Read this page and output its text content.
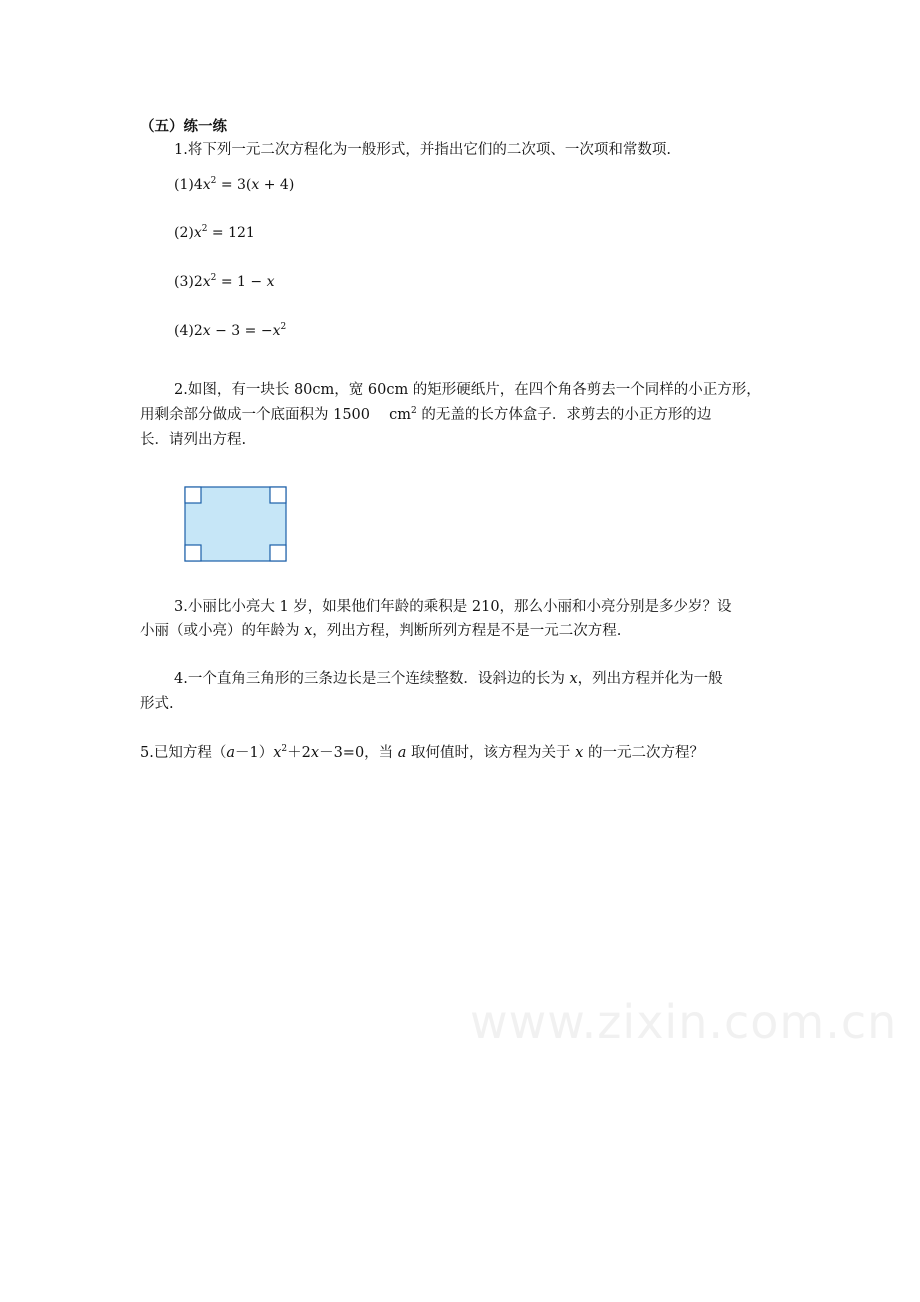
（五）练一练
1.将下列一元二次方程化为一般形式，并指出它们的二次项、一次项和常数项.
$(1)4x^2 = 3(x + 4)$
$(2)x^2 = 121$
$(3)2x^2 = 1 - x$
$(4)2x - 3 = -x^2$
2.如图，有一块长 80cm，宽 60cm 的矩形硬纸片，在四个角各剪去一个同样的小正方形，
用剩余部分做成一个底面积为 1500　 $cm^2$ 的无盖的长方体盒子．求剪去的小正方形的边
长．请列出方程.
3.小丽比小亮大 1 岁，如果他们年龄的乘积是 210，那么小丽和小亮分别是多少岁？设
小丽（或小亮）的年龄为 x，列出方程，判断所列方程是不是一元二次方程.
4.一个直角三角形的三条边长是三个连续整数．设斜边的长为 x，列出方程并化为一般
形式.
5.已知方程$(a-1)x^2+2x-3=0$，当 a 取何值时，该方程为关于 x 的一元二次方程？
www.zixin.com.cn
